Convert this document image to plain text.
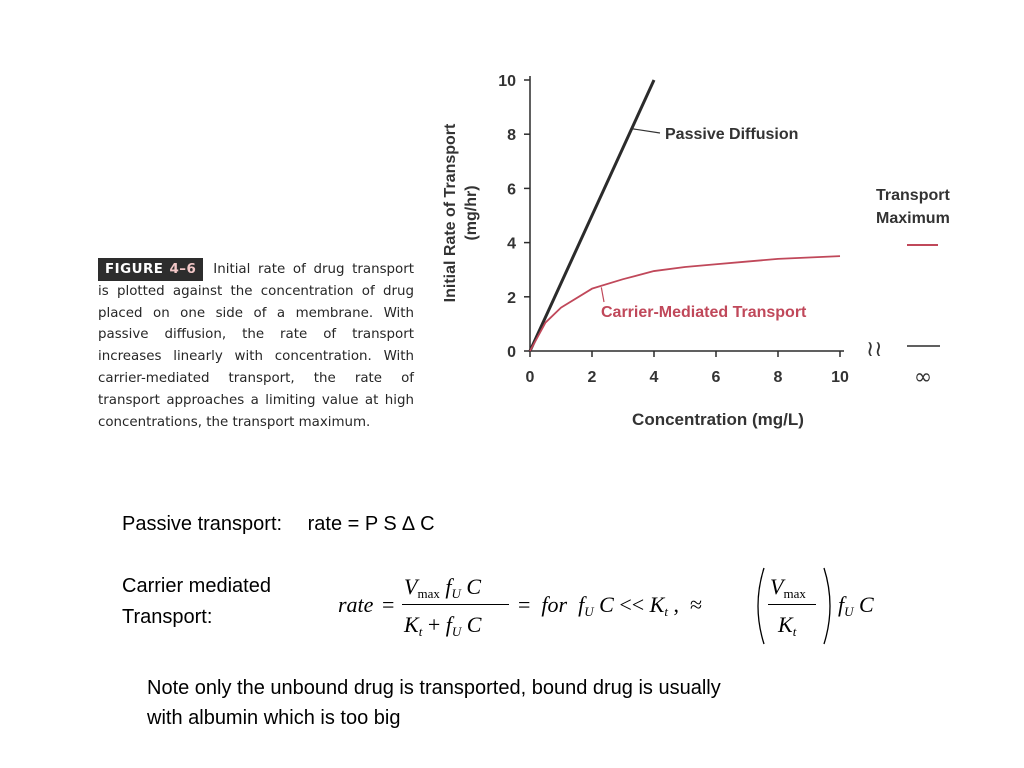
FIGURE 4–6 Initial rate of drug transport is plotted against the concentration of drug placed on one side of a membrane. With passive diffusion, the rate of transport increases linearly with concentration. With carrier-mediated transport, the rate of transport approaches a limiting value at high concentrations, the transport maximum.
0
2
4
6
8
10
0	2	4	6	8	10
Concentration (mg/L)
Initial Rate of Transport (mg/hr)
Passive Diffusion
Carrier-Mediated Transport
Transport
Maximum
≀≀
∞
Passive transport: rate = P S ∆ C
Carrier mediated
Transport:	rate =
Vmax $f_U$ C
$K_t + f_U$ C
= for $f_U$ $C << K_t$ , ≈
Vmax
$K_t$
$f_U$ C
Note only the unbound drug is transported, bound drug is usually
with albumin which is too big
